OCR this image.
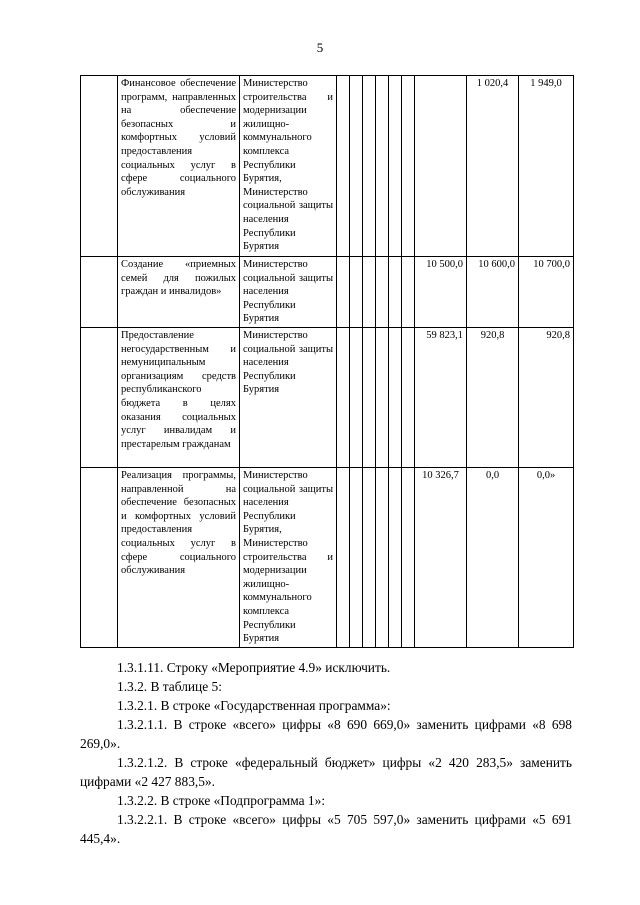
5
	Финансовое обеспечение программ, направленных на обеспечение безопасных и комфортных условий предоставления социальных услуг в сфере социального обслуживания	Министерство строительства и модернизации жилищно-коммунального комплекса Республики Бурятия, Министерство социальной защиты населения Республики Бурятия								1 020,4	1 949,0
	Создание «приемных семей для пожилых граждан и инвалидов»	Министерство социальной защиты населения Республики Бурятия							10 500,0	10 600,0	10 700,0
	Предоставление негосударственным и немуниципальным организациям средств республиканского бюджета в целях оказания социальных услуг инвалидам и престарелым гражданам	Министерство социальной защиты населения Республики Бурятия							59 823,1	920,8	920,8
	Реализация программы, направленной на обеспечение безопасных и комфортных условий предоставления социальных услуг в сфере социального обслуживания	Министерство социальной защиты населения Республики Бурятия, Министерство строительства и модернизации жилищно-коммунального комплекса Республики Бурятия							10 326,7	0,0	0,0»

1.3.1.11. Строку «Мероприятие 4.9» исключить.

1.3.2. В таблице 5:

1.3.2.1. В строке «Государственная программа»:

1.3.2.1.1. В строке «всего» цифры «8 690 669,0» заменить цифрами «8 698 269,0».

1.3.2.1.2. В строке «федеральный бюджет» цифры «2 420 283,5» заменить цифрами «2 427 883,5».

1.3.2.2. В строке «Подпрограмма 1»:

1.3.2.2.1. В строке «всего» цифры «5 705 597,0» заменить цифрами «5 691 445,4».
